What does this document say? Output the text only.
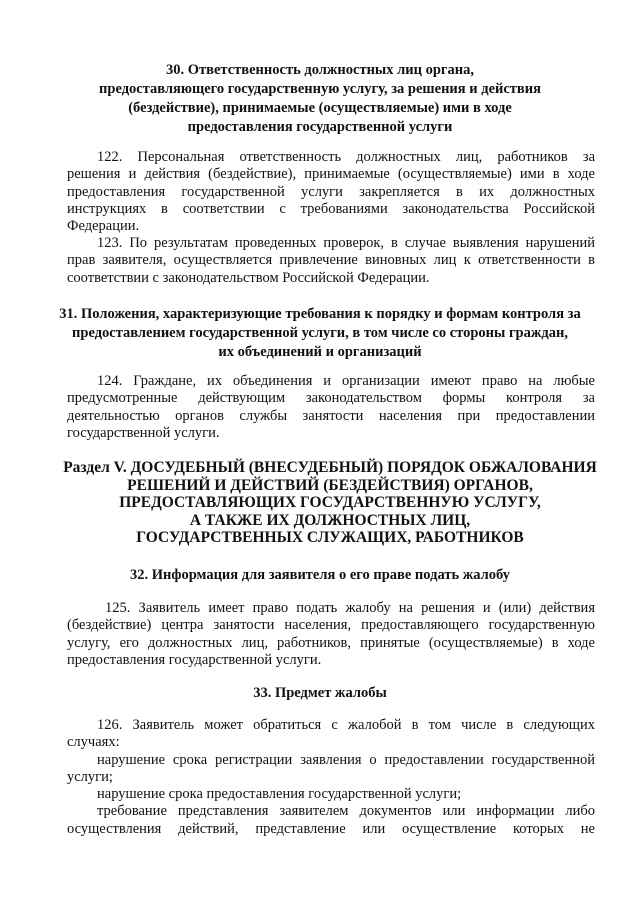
30. Ответственность должностных лиц органа,
предоставляющего государственную услугу, за решения и действия
(бездействие), принимаемые (осуществляемые) ими в ходе
предоставления государственной услуги
122. Персональная ответственность должностных лиц, работников за
решения и действия (бездействие), принимаемые (осуществляемые) ими в ходе
предоставления государственной услуги закрепляется в их должностных
инструкциях в соответствии с требованиями законодательства Российской
Федерации.
123. По результатам проведенных проверок, в случае выявления нарушений
прав заявителя, осуществляется привлечение виновных лиц к ответственности в
соответствии с законодательством Российской Федерации.
31. Положения, характеризующие требования к порядку и формам контроля за
предоставлением государственной услуги, в том числе со стороны граждан,
их объединений и организаций
124. Граждане, их объединения и организации имеют право на любые
предусмотренные действующим законодательством формы контроля за
деятельностью органов службы занятости населения при предоставлении
государственной услуги.
Раздел V. ДОСУДЕБНЫЙ (ВНЕСУДЕБНЫЙ) ПОРЯДОК ОБЖАЛОВАНИЯ
РЕШЕНИЙ И ДЕЙСТВИЙ (БЕЗДЕЙСТВИЯ) ОРГАНОВ,
ПРЕДОСТАВЛЯЮЩИХ ГОСУДАРСТВЕННУЮ УСЛУГУ,
А ТАКЖЕ ИХ ДОЛЖНОСТНЫХ ЛИЦ,
ГОСУДАРСТВЕННЫХ СЛУЖАЩИХ, РАБОТНИКОВ
32. Информация для заявителя о его праве подать жалобу
125. Заявитель имеет право подать жалобу на решения и (или) действия
(бездействие) центра занятости населения, предоставляющего государственную
услугу, его должностных лиц, работников, принятые (осуществляемые) в ходе
предоставления государственной услуги.
33. Предмет жалобы
126. Заявитель может обратиться с жалобой в том числе в следующих
случаях:
нарушение срока регистрации заявления о предоставлении государственной
услуги;
нарушение срока предоставления государственной услуги;
требование представления заявителем документов или информации либо
осуществления действий, представление или осуществление которых не
